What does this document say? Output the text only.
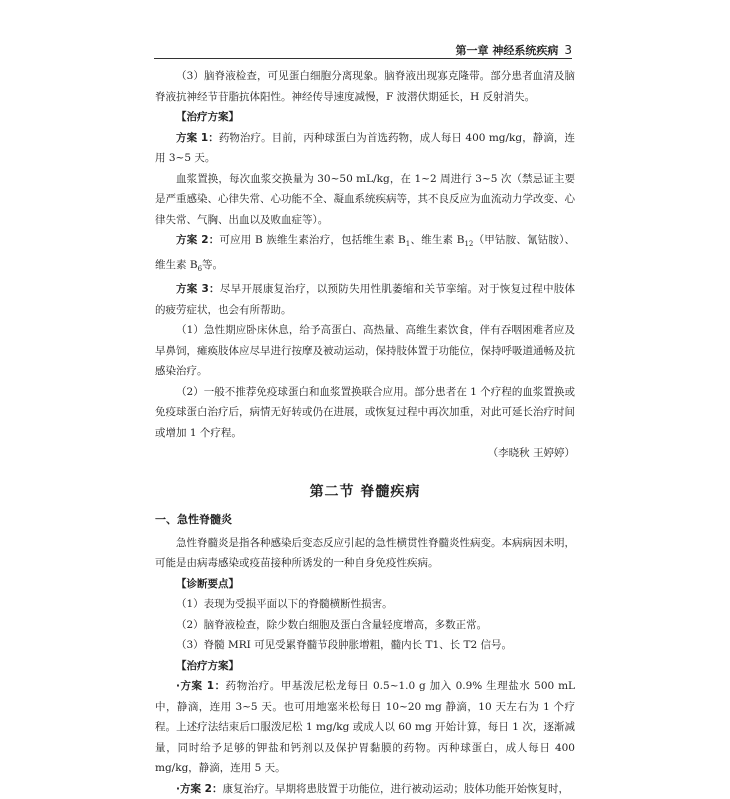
第一章 神经系统疾病 3

（3）脑脊液检查，可见蛋白细胞分离现象。脑脊液出现寡克隆带。部分患者血清及脑脊液抗神经节苷脂抗体阳性。神经传导速度减慢，F 波潜伏期延长，H 反射消失。

【治疗方案】

方案 1：药物治疗。目前，丙种球蛋白为首选药物，成人每日 400 mg/kg，静滴，连用 3~5 天。

血浆置换，每次血浆交换量为 30~50 mL/kg，在 1~2 周进行 3~5 次（禁忌证主要是严重感染、心律失常、心功能不全、凝血系统疾病等，其不良反应为血流动力学改变、心律失常、气胸、出血以及败血症等）。

方案 2：可应用 B 族维生素治疗，包括维生素 $B_1$、维生素 $B_{12}$（甲钴胺、氰钴胺）、维生素 $B_6$等。

方案 3：尽早开展康复治疗，以预防失用性肌萎缩和关节挛缩。对于恢复过程中肢体的疲劳症状，也会有所帮助。

（1）急性期应卧床休息，给予高蛋白、高热量、高维生素饮食，伴有吞咽困难者应及早鼻饲，瘫痪肢体应尽早进行按摩及被动运动，保持肢体置于功能位，保持呼吸道通畅及抗感染治疗。

（2）一般不推荐免疫球蛋白和血浆置换联合应用。部分患者在 1 个疗程的血浆置换或免疫球蛋白治疗后，病情无好转或仍在进展，或恢复过程中再次加重，对此可延长治疗时间或增加 1 个疗程。

（李晓秋 王婷婷）

第二节 脊髓疾病
一、急性脊髓炎

急性脊髓炎是指各种感染后变态反应引起的急性横贯性脊髓炎性病变。本病病因未明，可能是由病毒感染或疫苗接种所诱发的一种自身免疫性疾病。

【诊断要点】

（1）表现为受损平面以下的脊髓横断性损害。

（2）脑脊液检查，除少数白细胞及蛋白含量轻度增高，多数正常。

（3）脊髓 MRI 可见受累脊髓节段肿胀增粗，髓内长 T1、长 T2 信号。

【治疗方案】

·方案 1：药物治疗。甲基泼尼松龙每日 0.5~1.0 g 加入 0.9% 生理盐水 500 mL 中，静滴，连用 3~5 天。也可用地塞米松每日 10~20 mg 静滴，10 天左右为 1 个疗程。上述疗法结束后口服泼尼松 1 mg/kg 或成人以 60 mg 开始计算，每日 1 次，逐渐减量，同时给予足够的钾盐和钙剂以及保护胃黏膜的药物。丙种球蛋白，成人每日 400 mg/kg，静滴，连用 5 天。

·方案 2：康复治疗。早期将患肢置于功能位，进行被动运动；肢体功能开始恢复时，
